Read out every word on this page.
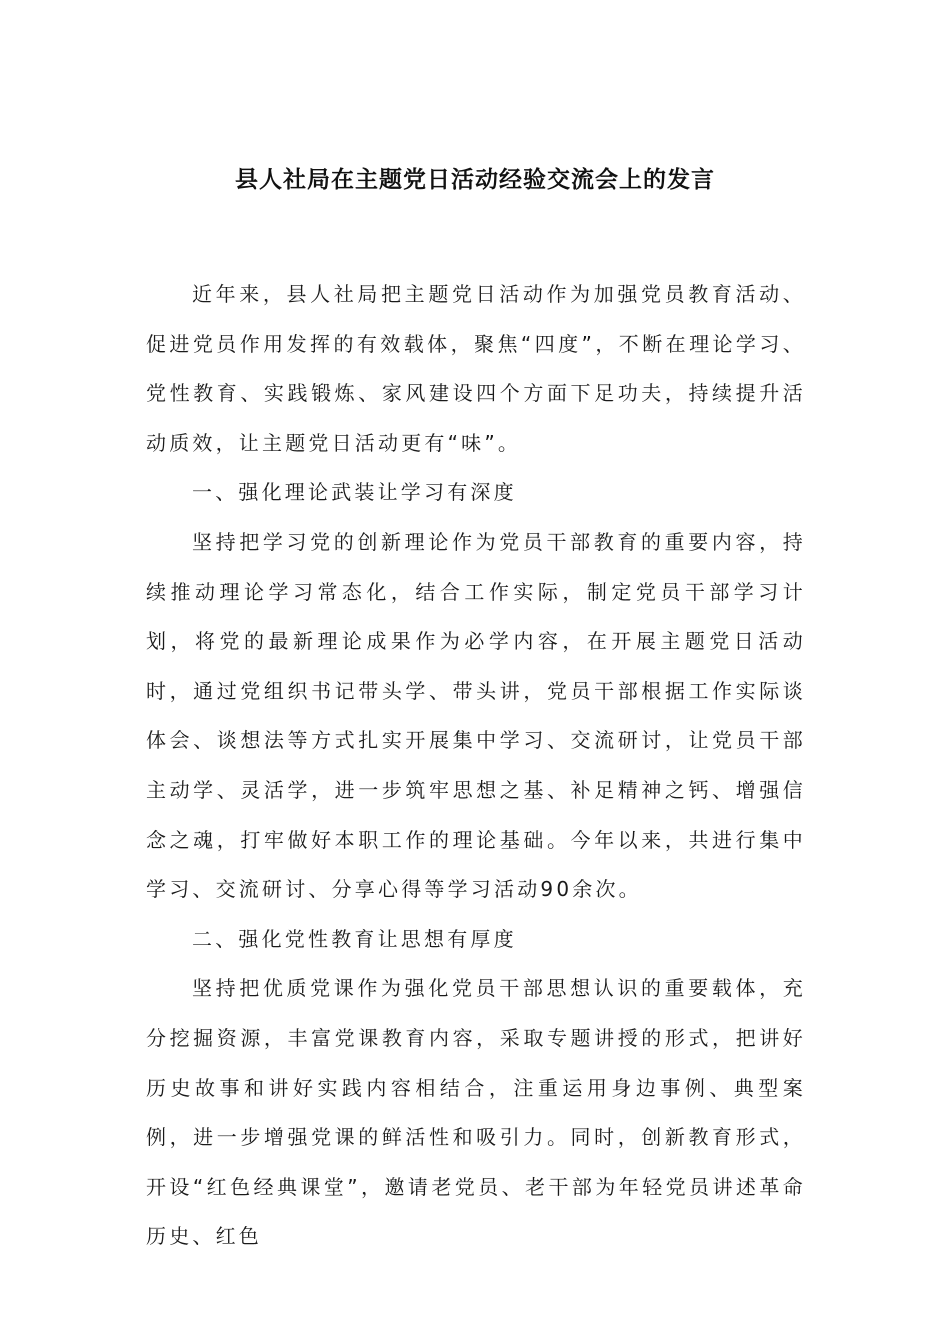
县人社局在主题党日活动经验交流会上的发言

近年来，县人社局把主题党日活动作为加强党员教育活动、促进党员作用发挥的有效载体，聚焦“四度”，不断在理论学习、党性教育、实践锻炼、家风建设四个方面下足功夫，持续提升活动质效，让主题党日活动更有“味”。

一、强化理论武装让学习有深度

坚持把学习党的创新理论作为党员干部教育的重要内容，持续推动理论学习常态化，结合工作实际，制定党员干部学习计划，将党的最新理论成果作为必学内容，在开展主题党日活动时，通过党组织书记带头学、带头讲，党员干部根据工作实际谈体会、谈想法等方式扎实开展集中学习、交流研讨，让党员干部主动学、灵活学，进一步筑牢思想之基、补足精神之钙、增强信念之魂，打牢做好本职工作的理论基础。今年以来，共进行集中学习、交流研讨、分享心得等学习活动90余次。

二、强化党性教育让思想有厚度

坚持把优质党课作为强化党员干部思想认识的重要载体，充分挖掘资源，丰富党课教育内容，采取专题讲授的形式，把讲好历史故事和讲好实践内容相结合，注重运用身边事例、典型案例，进一步增强党课的鲜活性和吸引力。同时，创新教育形式，开设“红色经典课堂”，邀请老党员、老干部为年轻党员讲述革命历史、红色
